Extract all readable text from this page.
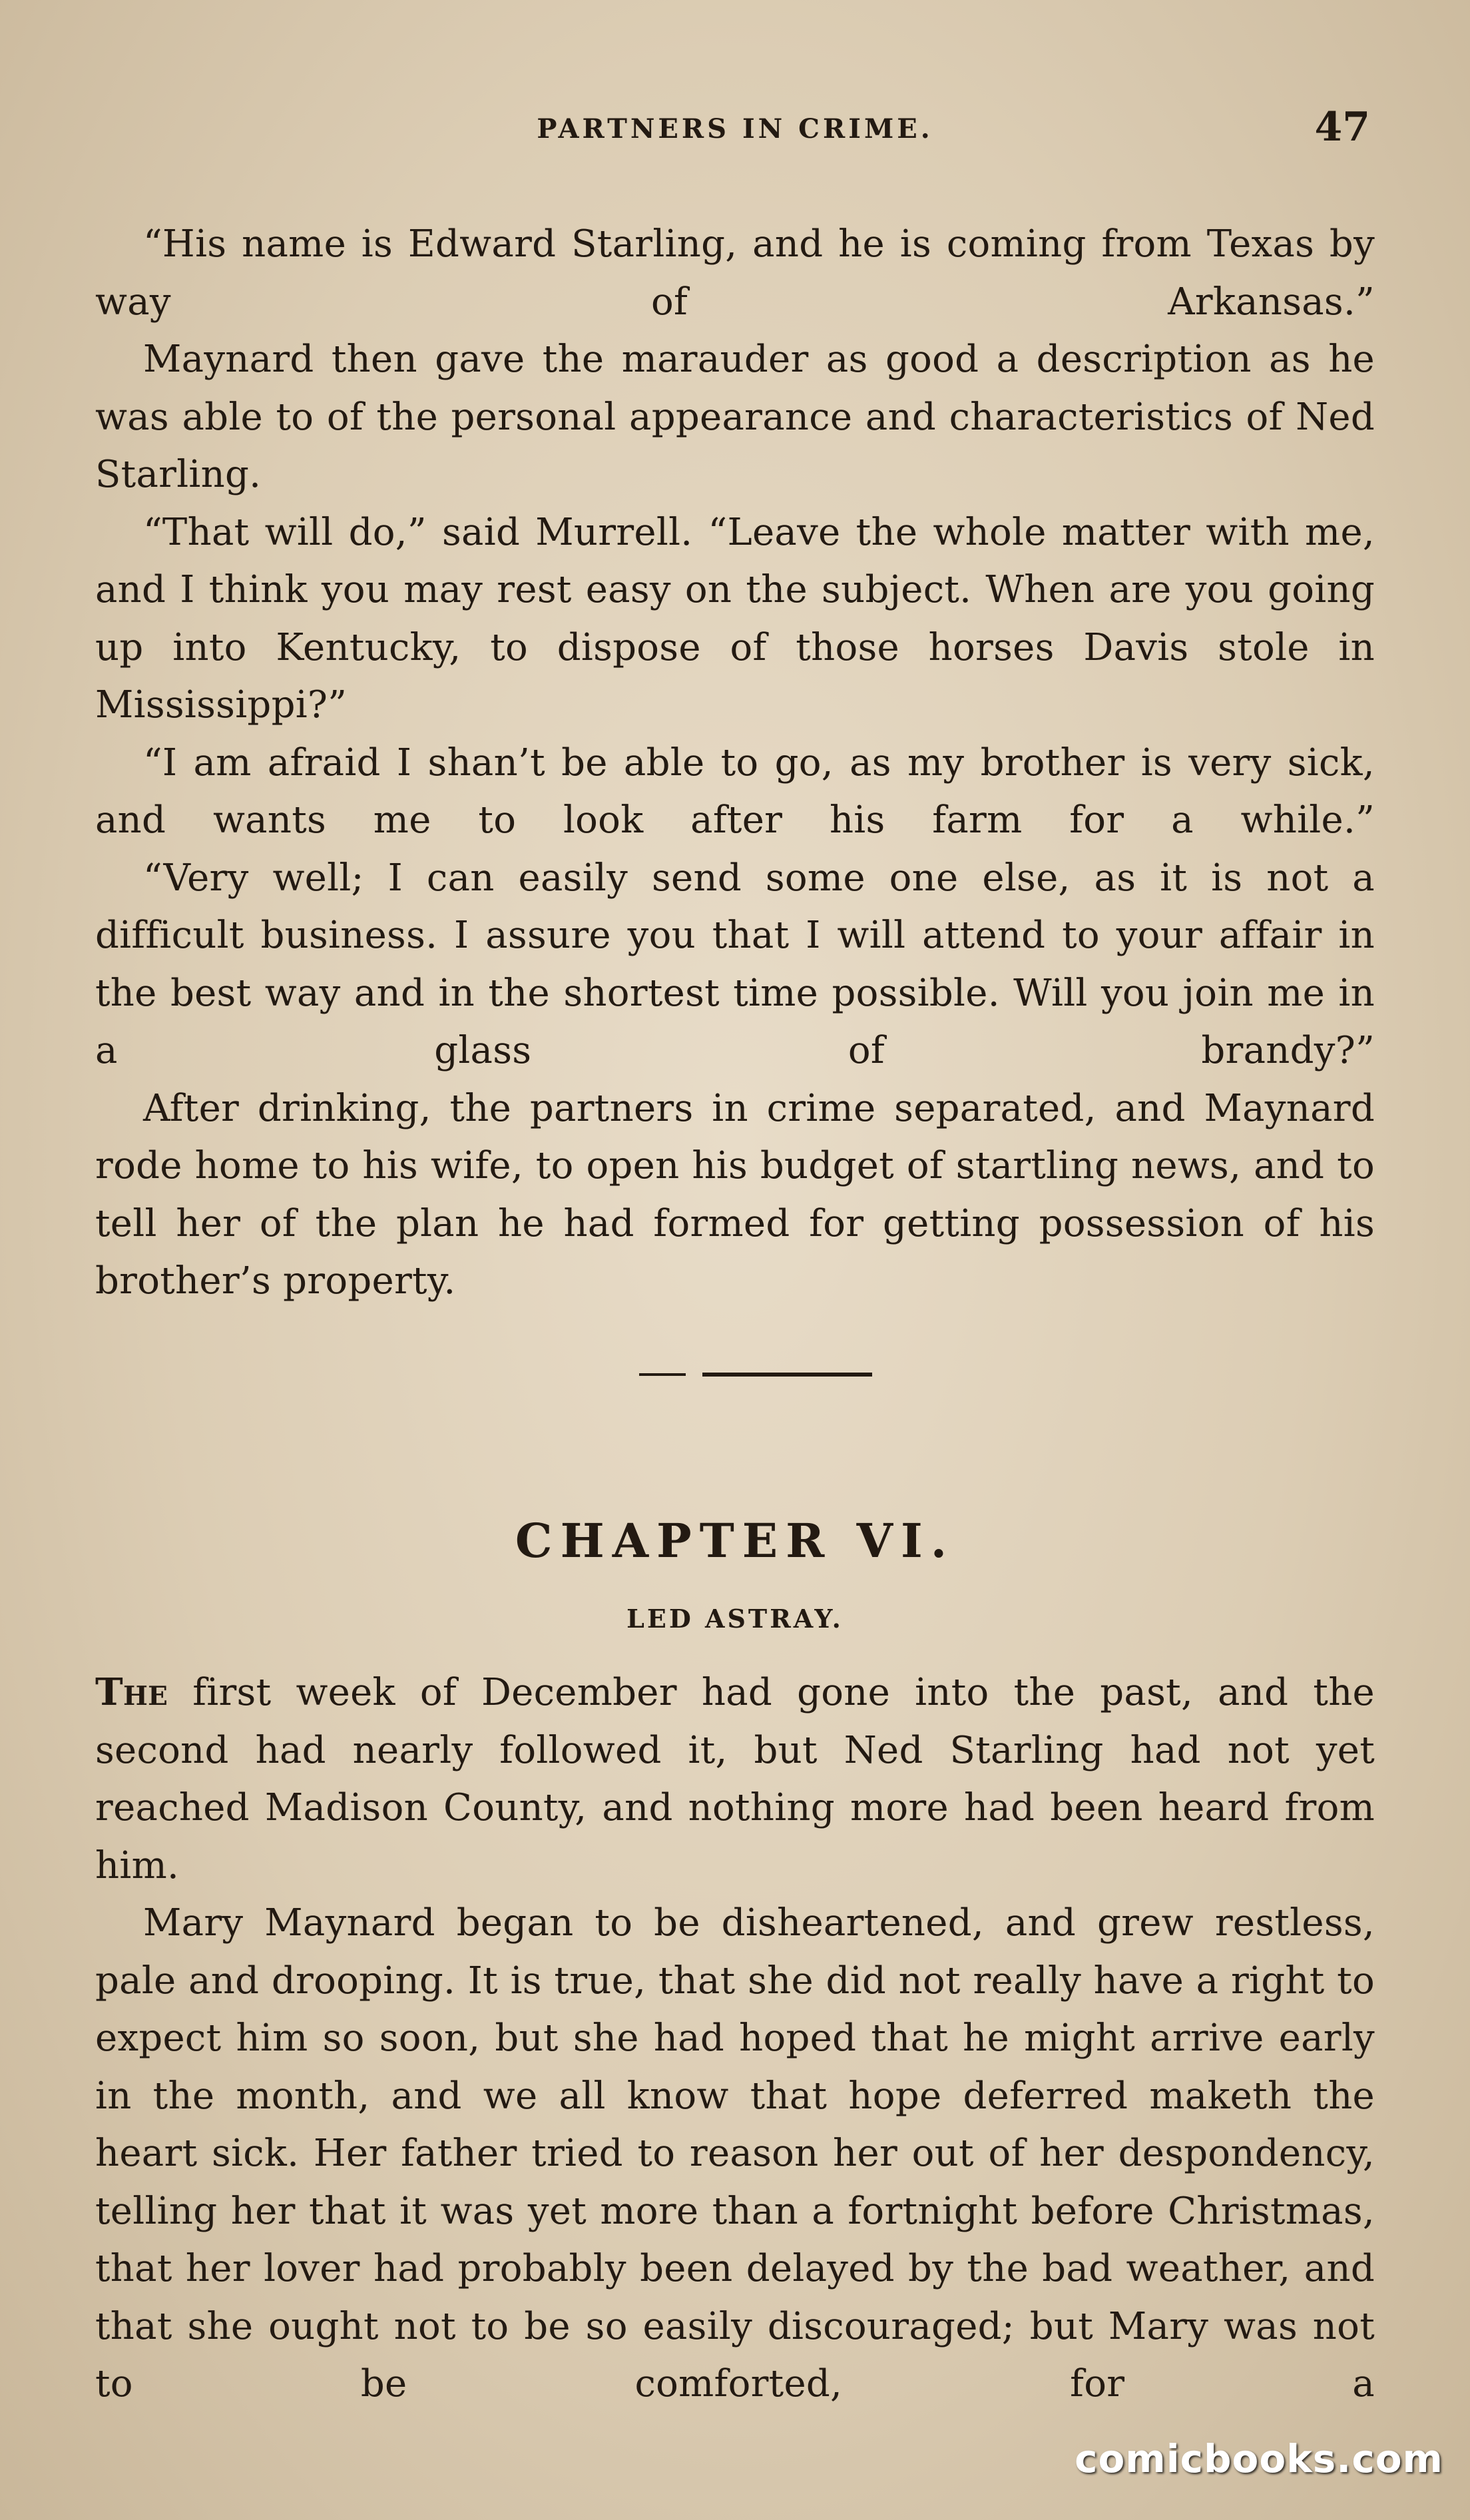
PARTNERS IN CRIME.	47

“His name is Edward Starling, and he is coming from Texas by way of Arkansas.”

Maynard then gave the marauder as good a description as he was able to of the personal appearance and characteristics of Ned Starling.

“That will do,” said Murrell. “Leave the whole matter with me, and I think you may rest easy on the subject. When are you going up into Kentucky, to dispose of those horses Davis stole in Mississippi?”

“I am afraid I shan’t be able to go, as my brother is very sick, and wants me to look after his farm for a while.”

“Very well; I can easily send some one else, as it is not a difficult business. I assure you that I will attend to your affair in the best way and in the shortest time possible. Will you join me in a glass of brandy?”

After drinking, the partners in crime separated, and Maynard rode home to his wife, to open his budget of startling news, and to tell her of the plan he had formed for getting possession of his brother’s property.

CHAPTER VI.
LED ASTRAY.

The first week of December had gone into the past, and the second had nearly followed it, but Ned Starling had not yet reached Madison County, and nothing more had been heard from him.

Mary Maynard began to be disheartened, and grew restless, pale and drooping. It is true, that she did not really have a right to expect him so soon, but she had hoped that he might arrive early in the month, and we all know that hope deferred maketh the heart sick. Her father tried to reason her out of her despondency, telling her that it was yet more than a fortnight before Christmas, that her lover had probably been delayed by the bad weather, and that she ought not to be so easily discouraged; but Mary was not to be comforted, for a

comicbooks.com
